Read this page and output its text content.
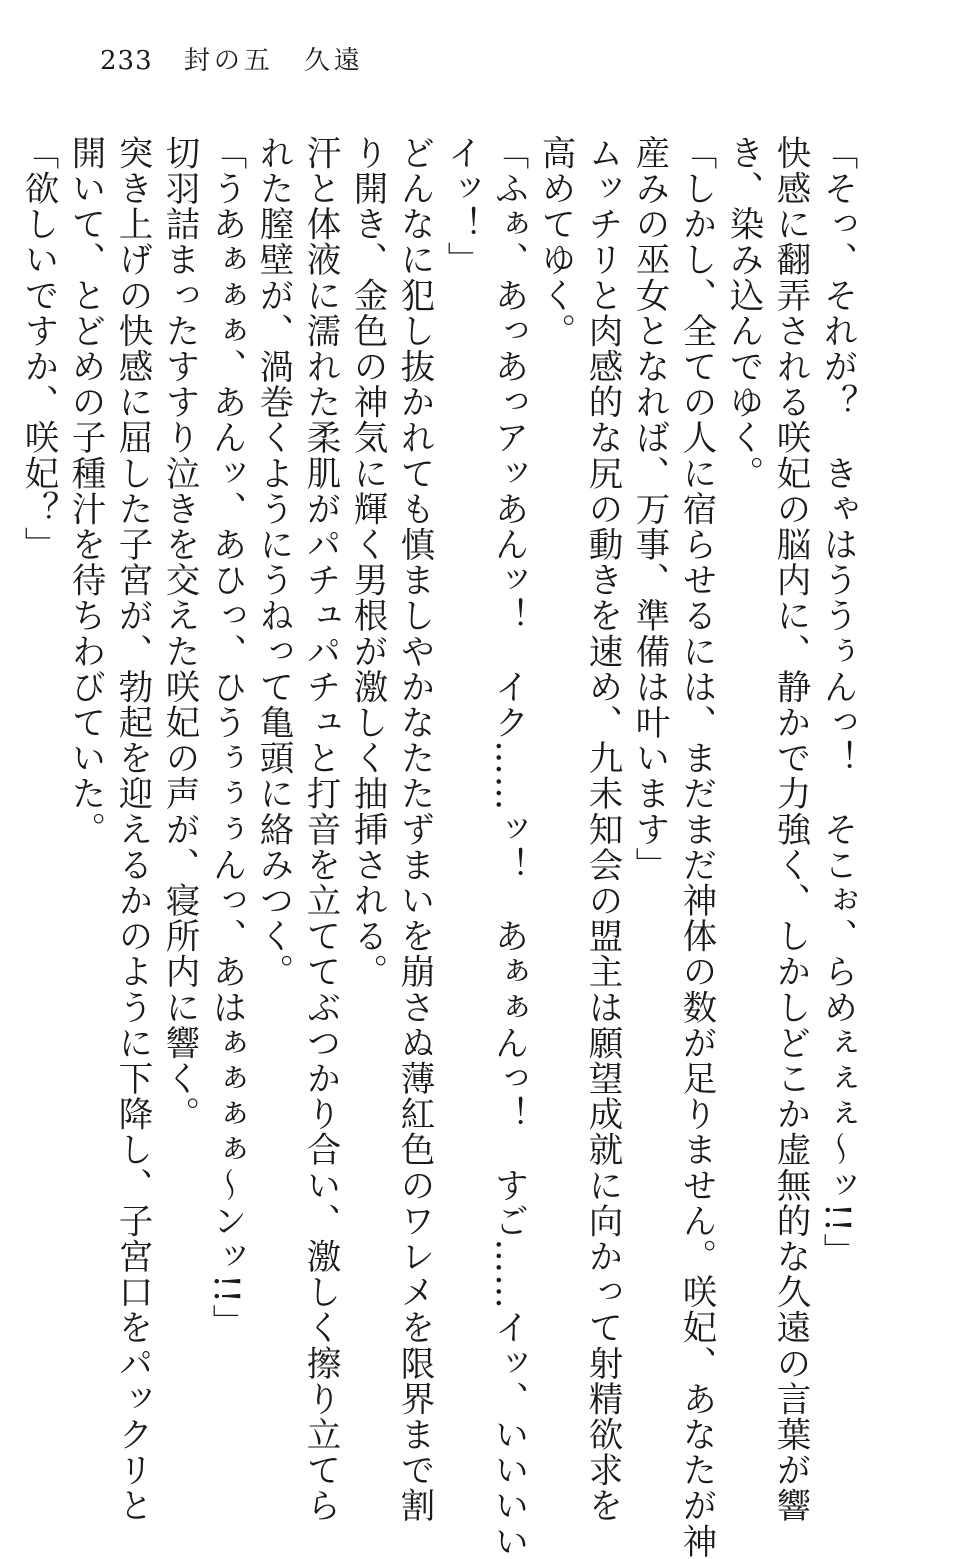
233 封の五　久遠
「そっ、それが？　きゃはううぅんっ！　そこぉ、らめぇぇぇ〜ッ!!」
快感に翻弄される咲妃の脳内に、静かで力強く、しかしどこか虚無的な久遠の言葉が響
き、染み込んでゆく。
「しかし、全ての人に宿らせるには、まだまだ神体の数が足りません。咲妃、あなたが神
産みの巫女となれば、万事、準備は叶います」
ムッチリと肉感的な尻の動きを速め、九未知会の盟主は願望成就に向かって射精欲求を
高めてゆく。
「ふぁ、あっあっアッあんッ！　イク……ッ！　あぁぁんっ！　すご……イッ、いいいい
イッ！」
どんなに犯し抜かれても慎ましやかなたたずまいを崩さぬ薄紅色のワレメを限界まで割
り開き、金色の神気に輝く男根が激しく抽挿される。
汗と体液に濡れた柔肌がパチュパチュと打音を立ててぶつかり合い、激しく擦り立てら
れた膣壁が、渦巻くようにうねって亀頭に絡みつく。
「うあぁぁぁ、あんッ、あひっ、ひうぅぅぅんっ、あはぁぁぁぁ〜ンッ!!」
切羽詰まったすすり泣きを交えた咲妃の声が、寝所内に響く。
突き上げの快感に屈した子宮が、勃起を迎えるかのように下降し、子宮口をパックリと
開いて、とどめの子種汁を待ちわびていた。
「欲しいですか、咲妃？」
